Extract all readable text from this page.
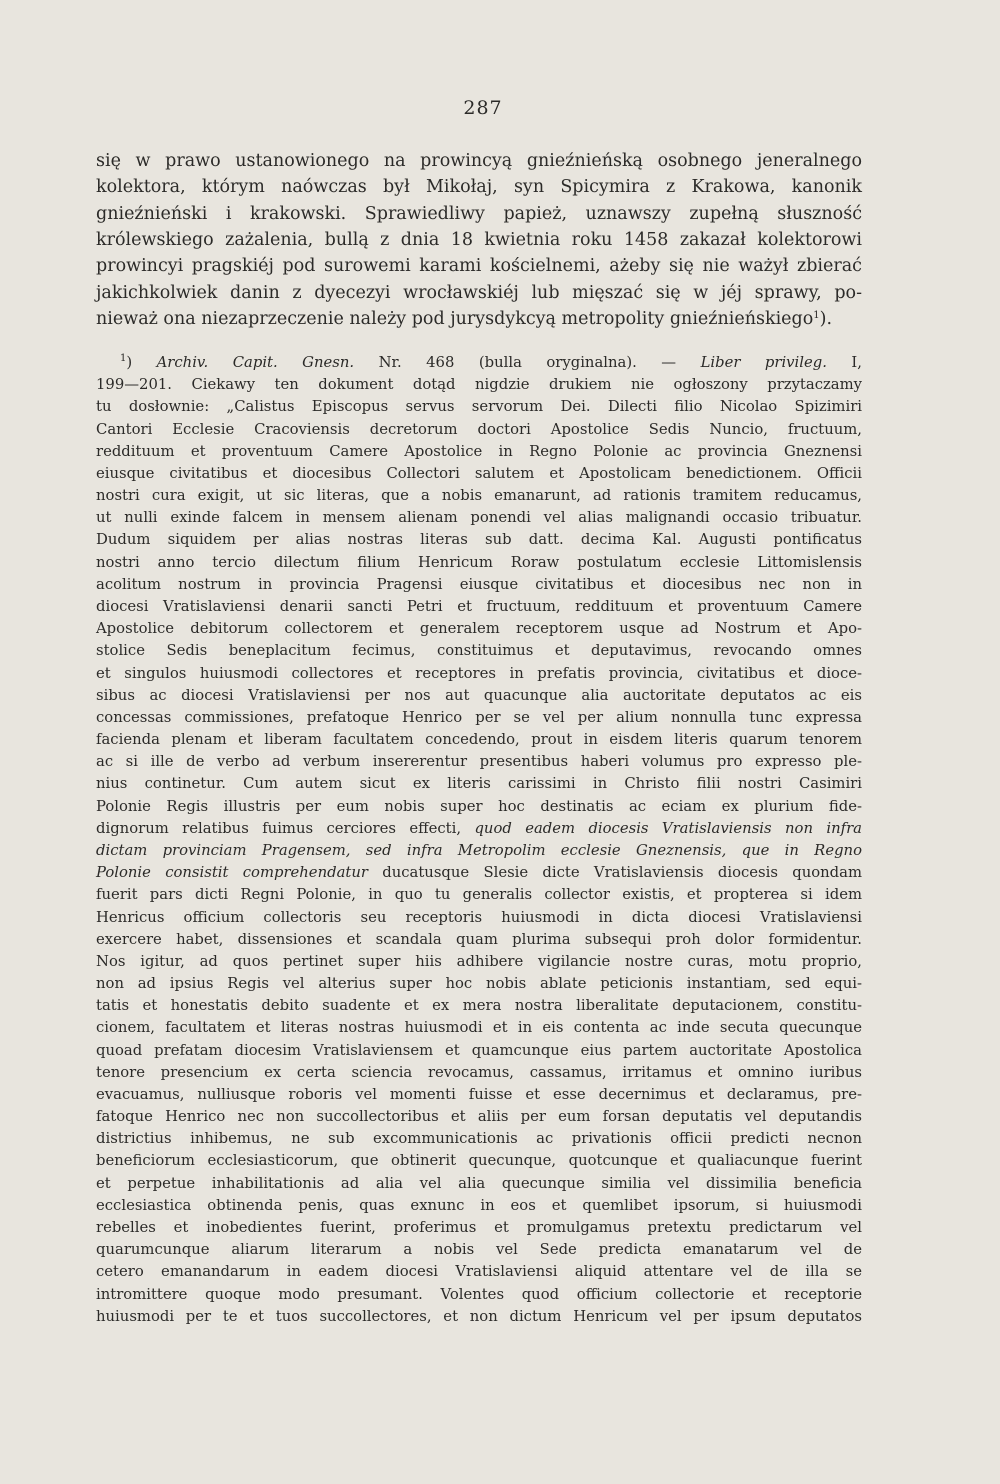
287
się w prawo ustanowionego na prowincyą gnieźnieńską osobnego jeneralnego
kolektora, którym naówczas był Mikołaj, syn Spicymira z Krakowa, kanonik
gnieźnieński i krakowski. Sprawiedliwy papież, uznawszy zupełną słuszność
królewskiego zażalenia, bullą z dnia 18 kwietnia roku 1458 zakazał kolektorowi
prowincyi pragskiéj pod surowemi karami kościelnemi, ażeby się nie ważył zbierać
jakichkolwiek danin z dyecezyi wrocławskiéj lub mięszać się w jéj sprawy, po-
nieważ ona niezaprzeczenie należy pod jurysdykcyą metropolity gnieźnieńskiego$^1$).
$^1$) Archiv. Capit. Gnesn. Nr. 468 (bulla oryginalna). — Liber privileg. I,
199—201. Ciekawy ten dokument dotąd nigdzie drukiem nie ogłoszony przytaczamy
tu dosłownie: „Calistus Episcopus servus servorum Dei. Dilecti filio Nicolao Spizimiri
Cantori Ecclesie Cracoviensis decretorum doctori Apostolice Sedis Nuncio, fructuum,
reddituum et proventuum Camere Apostolice in Regno Polonie ac provincia Gneznensi
eiusque civitatibus et diocesibus Collectori salutem et Apostolicam benedictionem. Officii
nostri cura exigit, ut sic literas, que a nobis emanarunt, ad rationis tramitem reducamus,
ut nulli exinde falcem in mensem alienam ponendi vel alias malignandi occasio tribuatur.
Dudum siquidem per alias nostras literas sub datt. decima Kal. Augusti pontificatus
nostri anno tercio dilectum filium Henricum Roraw postulatum ecclesie Littomislensis
acolitum nostrum in provincia Pragensi eiusque civitatibus et diocesibus nec non in
diocesi Vratislaviensi denarii sancti Petri et fructuum, reddituum et proventuum Camere
Apostolice debitorum collectorem et generalem receptorem usque ad Nostrum et Apo-
stolice Sedis beneplacitum fecimus, constituimus et deputavimus, revocando omnes
et singulos huiusmodi collectores et receptores in prefatis provincia, civitatibus et dioce-
sibus ac diocesi Vratislaviensi per nos aut quacunque alia auctoritate deputatos ac eis
concessas commissiones, prefatoque Henrico per se vel per alium nonnulla tunc expressa
facienda plenam et liberam facultatem concedendo, prout in eisdem literis quarum tenorem
ac si ille de verbo ad verbum insererentur presentibus haberi volumus pro expresso ple-
nius continetur. Cum autem sicut ex literis carissimi in Christo filii nostri Casimiri
Polonie Regis illustris per eum nobis super hoc destinatis ac eciam ex plurium fide-
dignorum relatibus fuimus cerciores effecti, quod eadem diocesis Vratislaviensis non infra
dictam provinciam Pragensem, sed infra Metropolim ecclesie Gneznensis, que in Regno
Polonie consistit comprehendatur ducatusque Slesie dicte Vratislaviensis diocesis quondam
fuerit pars dicti Regni Polonie, in quo tu generalis collector existis, et propterea si idem
Henricus officium collectoris seu receptoris huiusmodi in dicta diocesi Vratislaviensi
exercere habet, dissensiones et scandala quam plurima subsequi proh dolor formidentur.
Nos igitur, ad quos pertinet super hiis adhibere vigilancie nostre curas, motu proprio,
non ad ipsius Regis vel alterius super hoc nobis ablate peticionis instantiam, sed equi-
tatis et honestatis debito suadente et ex mera nostra liberalitate deputacionem, constitu-
cionem, facultatem et literas nostras huiusmodi et in eis contenta ac inde secuta quecunque
quoad prefatam diocesim Vratislaviensem et quamcunque eius partem auctoritate Apostolica
tenore presencium ex certa sciencia revocamus, cassamus, irritamus et omnino iuribus
evacuamus, nulliusque roboris vel momenti fuisse et esse decernimus et declaramus, pre-
fatoque Henrico nec non succollectoribus et aliis per eum forsan deputatis vel deputandis
districtius inhibemus, ne sub excommunicationis ac privationis officii predicti necnon
beneficiorum ecclesiasticorum, que obtinerit quecunque, quotcunque et qualiacunque fuerint
et perpetue inhabilitationis ad alia vel alia quecunque similia vel dissimilia beneficia
ecclesiastica obtinenda penis, quas exnunc in eos et quemlibet ipsorum, si huiusmodi
rebelles et inobedientes fuerint, proferimus et promulgamus pretextu predictarum vel
quarumcunque aliarum literarum a nobis vel Sede predicta emanatarum vel de
cetero emanandarum in eadem diocesi Vratislaviensi aliquid attentare vel de illa se
intromittere quoque modo presumant. Volentes quod officium collectorie et receptorie
huiusmodi per te et tuos succollectores, et non dictum Henricum vel per ipsum deputatos
